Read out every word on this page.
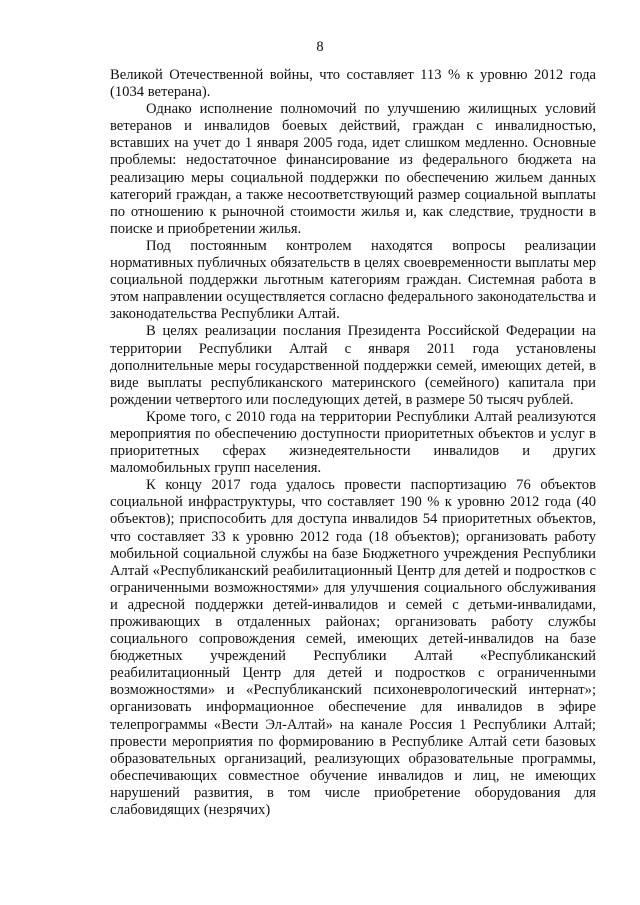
8

Великой Отечественной войны, что составляет 113 % к уровню 2012 года (1034 ветерана).

Однако исполнение полномочий по улучшению жилищных условий ветеранов и инвалидов боевых действий, граждан с инвалидностью, вставших на учет до 1 января 2005 года, идет слишком медленно. Основные проблемы: недостаточное финансирование из федерального бюджета на реализацию меры социальной поддержки по обеспечению жильем данных категорий граждан, а также несоответствующий размер социальной выплаты по отношению к рыночной стоимости жилья и, как следствие, трудности в поиске и приобретении жилья.

Под постоянным контролем находятся вопросы реализации нормативных публичных обязательств в целях своевременности выплаты мер социальной поддержки льготным категориям граждан. Системная работа в этом направлении осуществляется согласно федерального законодательства и законодательства Республики Алтай.

В целях реализации послания Президента Российской Федерации на территории Республики Алтай с января 2011 года установлены дополнительные меры государственной поддержки семей, имеющих детей, в виде выплаты республиканского материнского (семейного) капитала при рождении четвертого или последующих детей, в размере 50 тысяч рублей.

Кроме того, с 2010 года на территории Республики Алтай реализуются мероприятия по обеспечению доступности приоритетных объектов и услуг в приоритетных сферах жизнедеятельности инвалидов и других маломобильных групп населения.

К концу 2017 года удалось провести паспортизацию 76 объектов социальной инфраструктуры, что составляет 190 % к уровню 2012 года (40 объектов); приспособить для доступа инвалидов 54 приоритетных объектов, что составляет 33 к уровню 2012 года (18 объектов); организовать работу мобильной социальной службы на базе Бюджетного учреждения Республики Алтай «Республиканский реабилитационный Центр для детей и подростков с ограниченными возможностями» для улучшения социального обслуживания и адресной поддержки детей-инвалидов и семей с детьми-инвалидами, проживающих в отдаленных районах; организовать работу службы социального сопровождения семей, имеющих детей-инвалидов на базе бюджетных учреждений Республики Алтай «Республиканский реабилитационный Центр для детей и подростков с ограниченными возможностями» и «Республиканский психоневрологический интернат»; организовать информационное обеспечение для инвалидов в эфире телепрограммы «Вести Эл-Алтай» на канале Россия 1 Республики Алтай; провести мероприятия по формированию в Республике Алтай сети базовых образовательных организаций, реализующих образовательные программы, обеспечивающих совместное обучение инвалидов и лиц, не имеющих нарушений развития, в том числе приобретение оборудования для слабовидящих (незрячих)
